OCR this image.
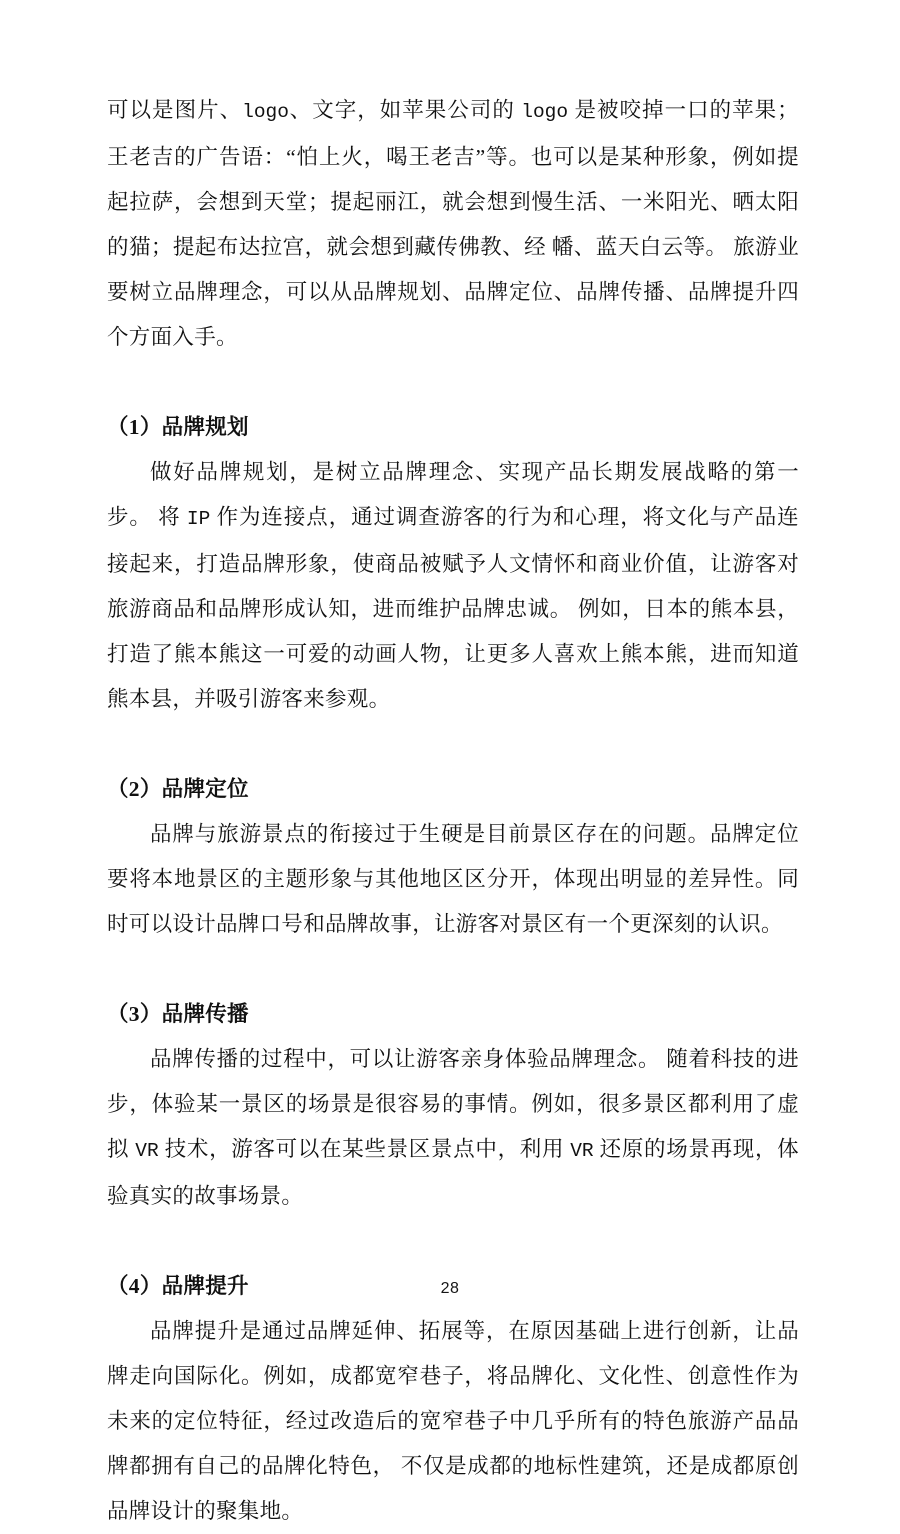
可以是图片、logo、文字，如苹果公司的 logo 是被咬掉一口的苹果；王老吉的广告语：“怕上火，喝王老吉”等。也可以是某种形象，例如提起拉萨，会想到天堂；提起丽江，就会想到慢生活、一米阳光、晒太阳的猫；提起布达拉宫，就会想到藏传佛教、经 幡、蓝天白云等。 旅游业要树立品牌理念，可以从品牌规划、品牌定位、品牌传播、品牌提升四个方面入手。

（1）品牌规划

做好品牌规划，是树立品牌理念、实现产品长期发展战略的第一步。 将 IP 作为连接点，通过调查游客的行为和心理，将文化与产品连接起来，打造品牌形象，使商品被赋予人文情怀和商业价值，让游客对旅游商品和品牌形成认知，进而维护品牌忠诚。 例如，日本的熊本县，打造了熊本熊这一可爱的动画人物，让更多人喜欢上熊本熊，进而知道熊本县，并吸引游客来参观。

（2）品牌定位

品牌与旅游景点的衔接过于生硬是目前景区存在的问题。品牌定位要将本地景区的主题形象与其他地区区分开，体现出明显的差异性。同时可以设计品牌口号和品牌故事，让游客对景区有一个更深刻的认识。

（3）品牌传播

品牌传播的过程中，可以让游客亲身体验品牌理念。 随着科技的进步，体验某一景区的场景是很容易的事情。例如，很多景区都利用了虚拟 VR 技术，游客可以在某些景区景点中，利用 VR 还原的场景再现，体验真实的故事场景。

（4）品牌提升

品牌提升是通过品牌延伸、拓展等，在原因基础上进行创新，让品牌走向国际化。例如，成都宽窄巷子，将品牌化、文化性、创意性作为未来的定位特征，经过改造后的宽窄巷子中几乎所有的特色旅游产品品牌都拥有自己的品牌化特色， 不仅是成都的地标性建筑，还是成都原创品牌设计的聚集地。

28
